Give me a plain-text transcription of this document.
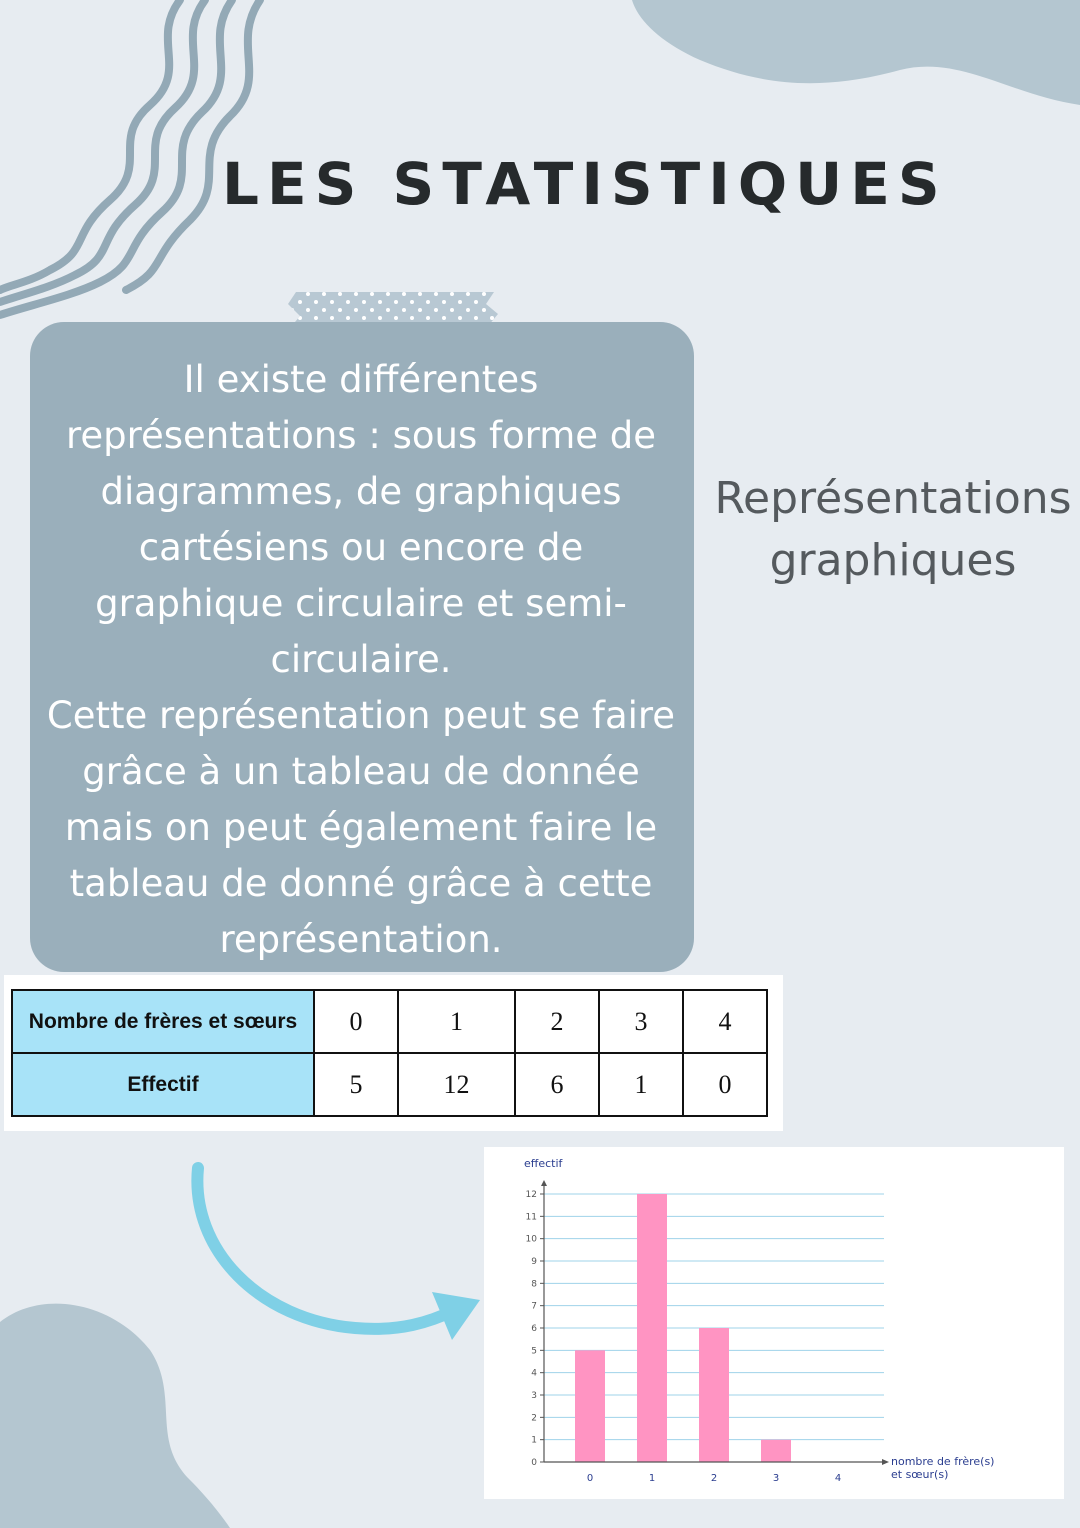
LES STATISTIQUES

Il existe différentes
représentations : sous forme de
diagrammes, de graphiques
cartésiens ou encore de
graphique circulaire et semi-
circulaire.
Cette représentation peut se faire
grâce à un tableau de donnée
mais on peut également faire le
tableau de donné grâce à cette
représentation.

Représentations
graphiques
Nombre de frères et sœurs	0	1	2	3	4
Effectif	5	12	6	1	0
effectif
nombre de frère(s)
et sœur(s)
0
1
2
3
4
5
6
7
8
9
10
11
12
0	1	2	3	4
